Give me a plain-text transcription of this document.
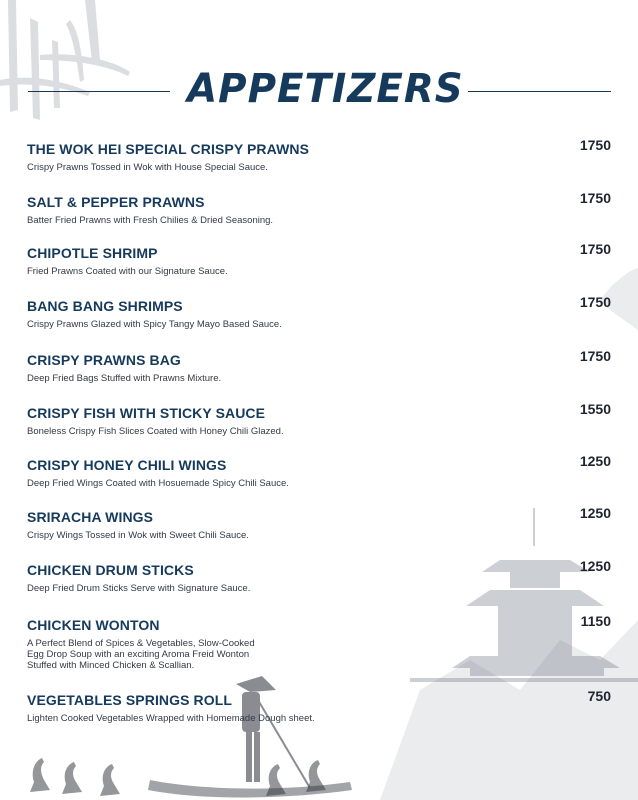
APPETIZERS
THE WOK HEI SPECIAL CRISPY PRAWNS	1750
Crispy Prawns Tossed in Wok with House Special Sauce.
SALT & PEPPER PRAWNS	1750
Batter Fried Prawns with Fresh Chilies & Dried Seasoning.
CHIPOTLE SHRIMP	1750
Fried Prawns Coated with our Signature Sauce.
BANG BANG SHRIMPS	1750
Crispy Prawns Glazed with Spicy Tangy Mayo Based Sauce.
CRISPY PRAWNS BAG	1750
Deep Fried Bags Stuffed with Prawns Mixture.
CRISPY FISH WITH STICKY SAUCE	1550
Boneless Crispy Fish Slices Coated with Honey Chili Glazed.
CRISPY HONEY CHILI WINGS	1250
Deep Fried Wings Coated with Hosuemade Spicy Chili Sauce.
SRIRACHA WINGS	1250
Crispy Wings Tossed in Wok with Sweet Chili Sauce.
CHICKEN DRUM STICKS	1250
Deep Fried Drum Sticks Serve with Signature Sauce.
CHICKEN WONTON	1150
A Perfect Blend of Spices & Vegetables, Slow-Cooked
Egg Drop Soup with an exciting Aroma Freid Wonton
Stuffed with Minced Chicken & Scallian.
VEGETABLES SPRINGS ROLL	750
Lighten Cooked Vegetables Wrapped with Homemade Dough sheet.
